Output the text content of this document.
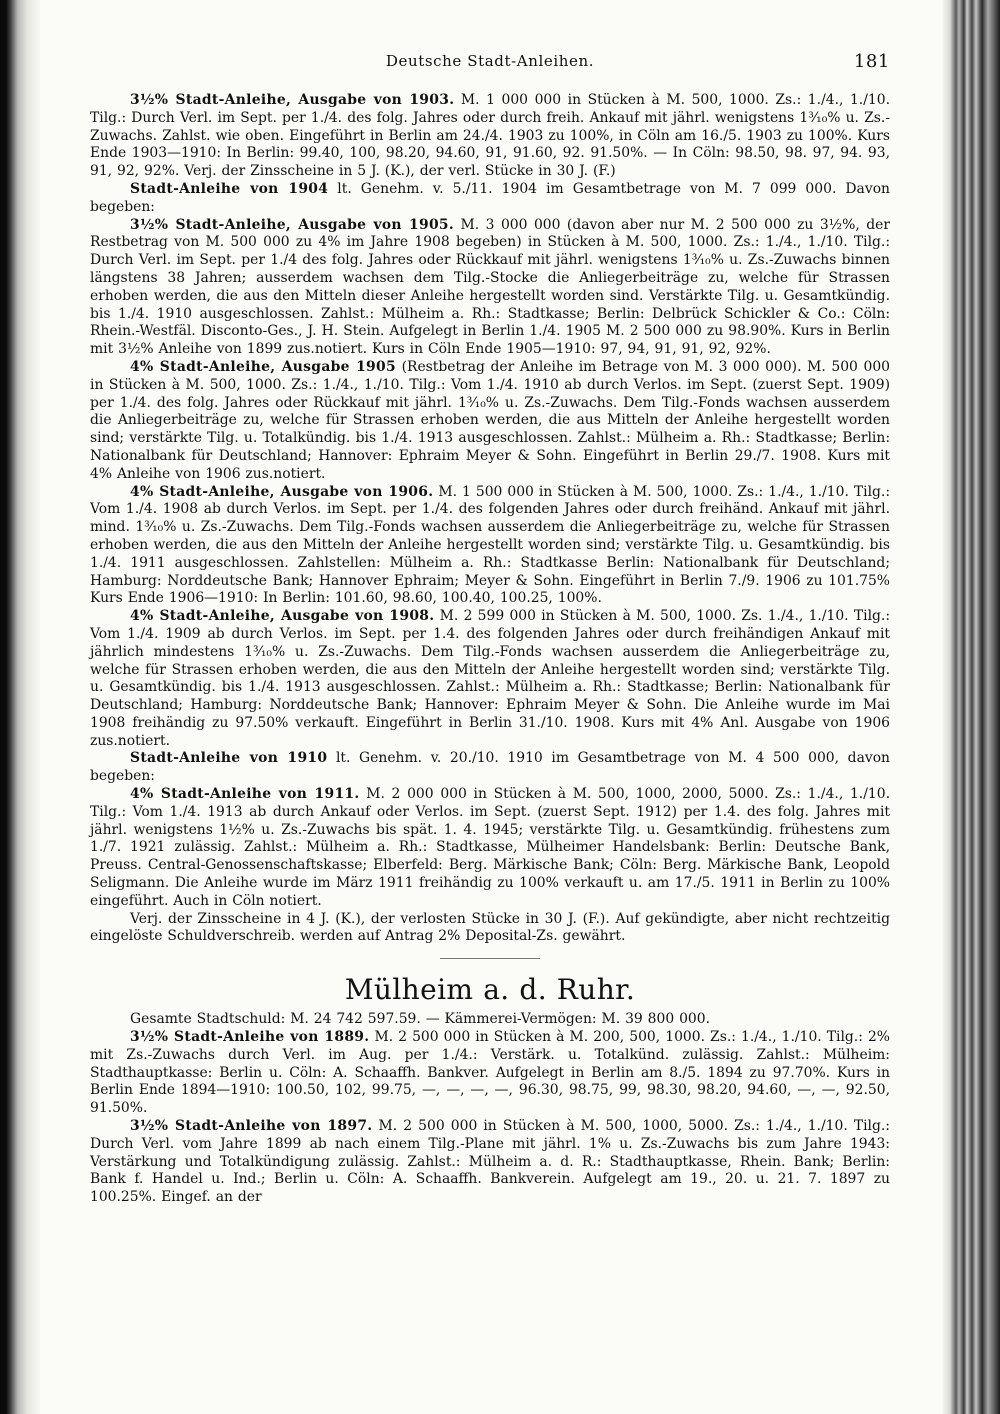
Deutsche Stadt-Anleihen.	181

3½% Stadt-Anleihe, Ausgabe von 1903. M. 1 000 000 in Stücken à M. 500, 1000. Zs.: 1./4., 1./10. Tilg.: Durch Verl. im Sept. per 1./4. des folg. Jahres oder durch freih. Ankauf mit jährl. wenigstens 1³⁄₁₀% u. Zs.-Zuwachs. Zahlst. wie oben. Eingeführt in Berlin am 24./4. 1903 zu 100%, in Cöln am 16./5. 1903 zu 100%. Kurs Ende 1903—1910: In Berlin: 99.40, 100, 98.20, 94.60, 91, 91.60, 92. 91.50%. — In Cöln: 98.50, 98. 97, 94. 93, 91, 92, 92%. Verj. der Zinsscheine in 5 J. (K.), der verl. Stücke in 30 J. (F.)

Stadt-Anleihe von 1904 lt. Genehm. v. 5./11. 1904 im Gesamtbetrage von M. 7 099 000. Davon begeben:

3½% Stadt-Anleihe, Ausgabe von 1905. M. 3 000 000 (davon aber nur M. 2 500 000 zu 3½%, der Restbetrag von M. 500 000 zu 4% im Jahre 1908 begeben) in Stücken à M. 500, 1000. Zs.: 1./4., 1./10. Tilg.: Durch Verl. im Sept. per 1./4 des folg. Jahres oder Rückkauf mit jährl. wenigstens 1³⁄₁₀% u. Zs.-Zuwachs binnen längstens 38 Jahren; ausserdem wachsen dem Tilg.-Stocke die Anliegerbeiträge zu, welche für Strassen erhoben werden, die aus den Mitteln dieser Anleihe hergestellt worden sind. Verstärkte Tilg. u. Gesamtkündig. bis 1./4. 1910 ausgeschlossen. Zahlst.: Mülheim a. Rh.: Stadtkasse; Berlin: Delbrück Schickler & Co.: Cöln: Rhein.-Westfäl. Disconto-Ges., J. H. Stein. Aufgelegt in Berlin 1./4. 1905 M. 2 500 000 zu 98.90%. Kurs in Berlin mit 3½% Anleihe von 1899 zus.notiert. Kurs in Cöln Ende 1905—1910: 97, 94, 91, 91, 92, 92%.

4% Stadt-Anleihe, Ausgabe 1905 (Restbetrag der Anleihe im Betrage von M. 3 000 000). M. 500 000 in Stücken à M. 500, 1000. Zs.: 1./4., 1./10. Tilg.: Vom 1./4. 1910 ab durch Verlos. im Sept. (zuerst Sept. 1909) per 1./4. des folg. Jahres oder Rückkauf mit jährl. 1³⁄₁₀% u. Zs.-Zuwachs. Dem Tilg.-Fonds wachsen ausserdem die Anliegerbeiträge zu, welche für Strassen erhoben werden, die aus Mitteln der Anleihe hergestellt worden sind; verstärkte Tilg. u. Totalkündig. bis 1./4. 1913 ausgeschlossen. Zahlst.: Mülheim a. Rh.: Stadtkasse; Berlin: Nationalbank für Deutschland; Hannover: Ephraim Meyer & Sohn. Eingeführt in Berlin 29./7. 1908. Kurs mit 4% Anleihe von 1906 zus.notiert.

4% Stadt-Anleihe, Ausgabe von 1906. M. 1 500 000 in Stücken à M. 500, 1000. Zs.: 1./4., 1./10. Tilg.: Vom 1./4. 1908 ab durch Verlos. im Sept. per 1./4. des folgenden Jahres oder durch freihänd. Ankauf mit jährl. mind. 1³⁄₁₀% u. Zs.-Zuwachs. Dem Tilg.-Fonds wachsen ausserdem die Anliegerbeiträge zu, welche für Strassen erhoben werden, die aus den Mitteln der Anleihe hergestellt worden sind; verstärkte Tilg. u. Gesamtkündig. bis 1./4. 1911 ausgeschlossen. Zahlstellen: Mülheim a. Rh.: Stadtkasse Berlin: Nationalbank für Deutschland; Hamburg: Norddeutsche Bank; Hannover Ephraim; Meyer & Sohn. Eingeführt in Berlin 7./9. 1906 zu 101.75% Kurs Ende 1906—1910: In Berlin: 101.60, 98.60, 100.40, 100.25, 100%.

4% Stadt-Anleihe, Ausgabe von 1908. M. 2 599 000 in Stücken à M. 500, 1000. Zs. 1./4., 1./10. Tilg.: Vom 1./4. 1909 ab durch Verlos. im Sept. per 1.4. des folgenden Jahres oder durch freihändigen Ankauf mit jährlich mindestens 1³⁄₁₀% u. Zs.-Zuwachs. Dem Tilg.-Fonds wachsen ausserdem die Anliegerbeiträge zu, welche für Strassen erhoben werden, die aus den Mitteln der Anleihe hergestellt worden sind; verstärkte Tilg. u. Gesamtkündig. bis 1./4. 1913 ausgeschlossen. Zahlst.: Mülheim a. Rh.: Stadtkasse; Berlin: Nationalbank für Deutschland; Hamburg: Norddeutsche Bank; Hannover: Ephraim Meyer & Sohn. Die Anleihe wurde im Mai 1908 freihändig zu 97.50% verkauft. Eingeführt in Berlin 31./10. 1908. Kurs mit 4% Anl. Ausgabe von 1906 zus.notiert.

Stadt-Anleihe von 1910 lt. Genehm. v. 20./10. 1910 im Gesamtbetrage von M. 4 500 000, davon begeben:

4% Stadt-Anleihe von 1911. M. 2 000 000 in Stücken à M. 500, 1000, 2000, 5000. Zs.: 1./4., 1./10. Tilg.: Vom 1./4. 1913 ab durch Ankauf oder Verlos. im Sept. (zuerst Sept. 1912) per 1.4. des folg. Jahres mit jährl. wenigstens 1½% u. Zs.-Zuwachs bis spät. 1. 4. 1945; verstärkte Tilg. u. Gesamtkündig. frühestens zum 1./7. 1921 zulässig. Zahlst.: Mülheim a. Rh.: Stadtkasse, Mülheimer Handelsbank: Berlin: Deutsche Bank, Preuss. Central-Genossenschaftskasse; Elberfeld: Berg. Märkische Bank; Cöln: Berg. Märkische Bank, Leopold Seligmann. Die Anleihe wurde im März 1911 freihändig zu 100% verkauft u. am 17./5. 1911 in Berlin zu 100% eingeführt. Auch in Cöln notiert.

Verj. der Zinsscheine in 4 J. (K.), der verlosten Stücke in 30 J. (F.). Auf gekündigte, aber nicht rechtzeitig eingelöste Schuldverschreib. werden auf Antrag 2% Deposital-Zs. gewährt.

Mülheim a. d. Ruhr.

Gesamte Stadtschuld: M. 24 742 597.59. — Kämmerei-Vermögen: M. 39 800 000.

3½% Stadt-Anleihe von 1889. M. 2 500 000 in Stücken à M. 200, 500, 1000. Zs.: 1./4., 1./10. Tilg.: 2% mit Zs.-Zuwachs durch Verl. im Aug. per 1./4.: Verstärk. u. Totalkünd. zulässig. Zahlst.: Mülheim: Stadthauptkasse: Berlin u. Cöln: A. Schaaffh. Bankver. Aufgelegt in Berlin am 8./5. 1894 zu 97.70%. Kurs in Berlin Ende 1894—1910: 100.50, 102, 99.75, —, —, —, —, 96.30, 98.75, 99, 98.30, 98.20, 94.60, —, —, 92.50, 91.50%.

3½% Stadt-Anleihe von 1897. M. 2 500 000 in Stücken à M. 500, 1000, 5000. Zs.: 1./4., 1./10. Tilg.: Durch Verl. vom Jahre 1899 ab nach einem Tilg.-Plane mit jährl. 1% u. Zs.-Zuwachs bis zum Jahre 1943: Verstärkung und Totalkündigung zulässig. Zahlst.: Mülheim a. d. R.: Stadthauptkasse, Rhein. Bank; Berlin: Bank f. Handel u. Ind.; Berlin u. Cöln: A. Schaaffh. Bankverein. Aufgelegt am 19., 20. u. 21. 7. 1897 zu 100.25%. Eingef. an der
